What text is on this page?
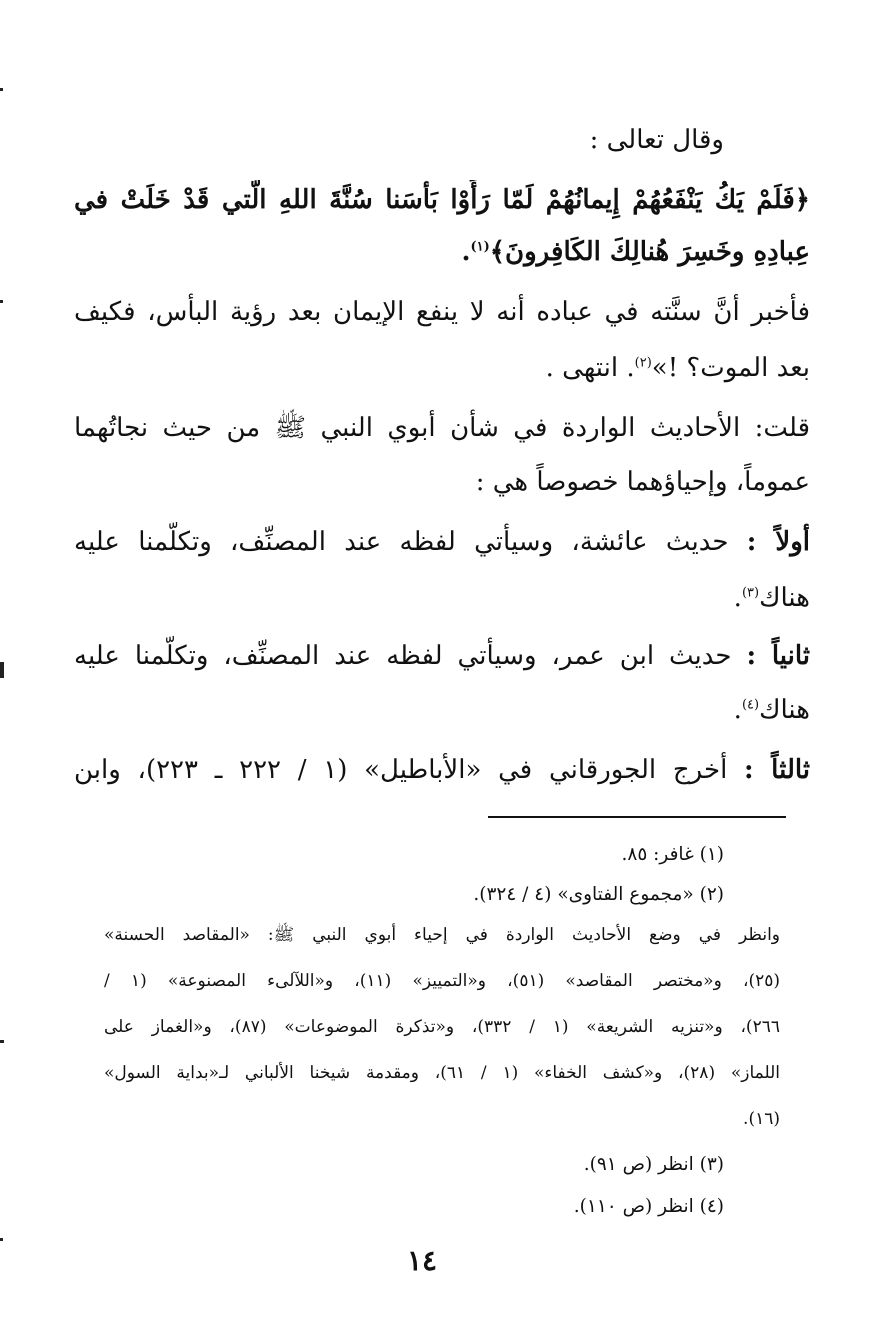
وقال تعالى :
﴿فَلَمْ يَكُ يَنْفَعُهُمْ إِيمانُهُمْ لَمّا رَأَوْا بَأْسَنا سُنَّةَ اللهِ الَّتي قَدْ خَلَتْ في
عِبادِهِ وخَسِرَ هُنالِكَ الكَافِرونَ﴾$^{(١)}$.
فأخبر أنَّ سنَّته في عباده أنه لا ينفع الإيمان بعد رؤية البأس، فكيف
بعد الموت؟ !»$^{(٢)}$. انتهى .
قلت: الأحاديث الواردة في شأن أبوي النبي ﷺ من حيث نجاتُهما
عموماً، وإحياؤهما خصوصاً هي :
أولاً : حديث عائشة، وسيأتي لفظه عند المصنِّف، وتكلَّمنا عليه
هناك$^{(٣)}$.
ثانياً : حديث ابن عمر، وسيأتي لفظه عند المصنِّف، وتكلَّمنا عليه
هناك$^{(٤)}$.
ثالثاً : أخرج الجورقاني في «الأباطيل» (١ / ٢٢٢ ـ ٢٢٣)، وابن
(١) غافر: ٨٥.
(٢) «مجموع الفتاوى» (٤ / ٣٢٤).
وانظر في وضع الأحاديث الواردة في إحياء أبوي النبي ﷺ: «المقاصد الحسنة»
(٢٥)، و«مختصر المقاصد» (٥١)، و«التمييز» (١١)، و«اللآلىء المصنوعة» (١ /
٢٦٦)، و«تنزيه الشريعة» (١ / ٣٣٢)، و«تذكرة الموضوعات» (٨٧)، و«الغماز على
اللماز» (٢٨)، و«كشف الخفاء» (١ / ٦١)، ومقدمة شيخنا الألباني لـ«بداية السول»
(١٦).
(٣) انظر (ص ٩١).
(٤) انظر (ص ١١٠).
١٤
